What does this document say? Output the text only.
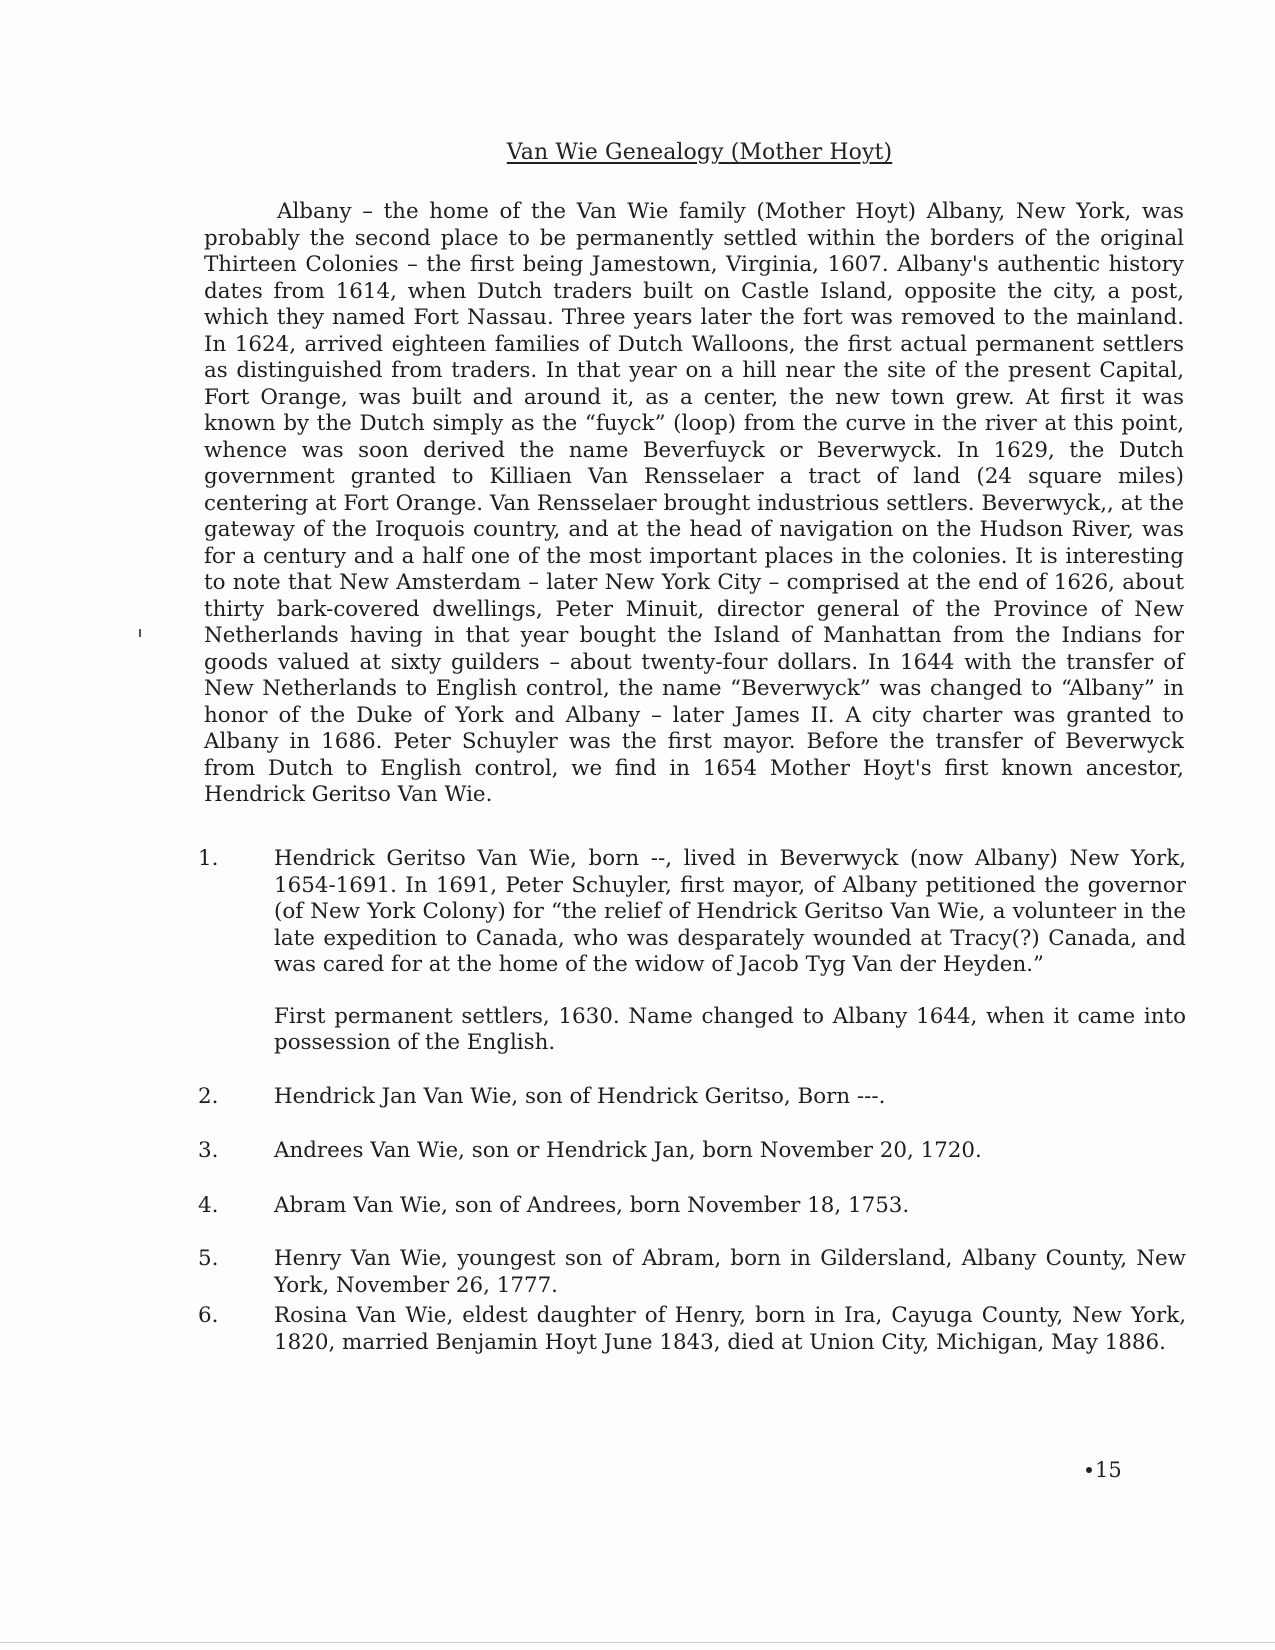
Van Wie Genealogy (Mother Hoyt)

Albany – the home of the Van Wie family (Mother Hoyt) Albany, New York, was probably the second place to be permanently settled within the borders of the original Thirteen Colonies – the first being Jamestown, Virginia, 1607. Albany's authentic history dates from 1614, when Dutch traders built on Castle Island, opposite the city, a post, which they named Fort Nassau. Three years later the fort was removed to the mainland. In 1624, arrived eighteen families of Dutch Walloons, the first actual permanent settlers as distinguished from traders. In that year on a hill near the site of the present Capital, Fort Orange, was built and around it, as a center, the new town grew. At first it was known by the Dutch simply as the “fuyck” (loop) from the curve in the river at this point, whence was soon derived the name Beverfuyck or Beverwyck. In 1629, the Dutch government granted to Killiaen Van Rensselaer a tract of land (24 square miles) centering at Fort Orange. Van Rensselaer brought industrious settlers. Beverwyck,, at the gateway of the Iroquois country, and at the head of navigation on the Hudson River, was for a century and a half one of the most important places in the colonies. It is interesting to note that New Amsterdam – later New York City – comprised at the end of 1626, about thirty bark-covered dwellings, Peter Minuit, director general of the Province of New Netherlands having in that year bought the Island of Manhattan from the Indians for goods valued at sixty guilders – about twenty-four dollars. In 1644 with the transfer of New Netherlands to English control, the name “Beverwyck” was changed to “Albany” in honor of the Duke of York and Albany – later James II. A city charter was granted to Albany in 1686. Peter Schuyler was the first mayor. Before the transfer of Beverwyck from Dutch to English control, we find in 1654 Mother Hoyt's first known ancestor, Hendrick Geritso Van Wie.

1.	Hendrick Geritso Van Wie, born --, lived in Beverwyck (now Albany) New York, 1654-1691. In 1691, Peter Schuyler, first mayor, of Albany petitioned the governor (of New York Colony) for “the relief of Hendrick Geritso Van Wie, a volunteer in the late expedition to Canada, who was desparately wounded at Tracy(?) Canada, and was cared for at the home of the widow of Jacob Tyg Van der Heyden.”

First permanent settlers, 1630. Name changed to Albany 1644, when it came into possession of the English.

2.	Hendrick Jan Van Wie, son of Hendrick Geritso, Born ---.

3.	Andrees Van Wie, son or Hendrick Jan, born November 20, 1720.

4.	Abram Van Wie, son of Andrees, born November 18, 1753.

5.	Henry Van Wie, youngest son of Abram, born in Gildersland, Albany County, New York, November 26, 1777.

6.	Rosina Van Wie, eldest daughter of Henry, born in Ira, Cayuga County, New York, 1820, married Benjamin Hoyt June 1843, died at Union City, Michigan, May 1886.

15
